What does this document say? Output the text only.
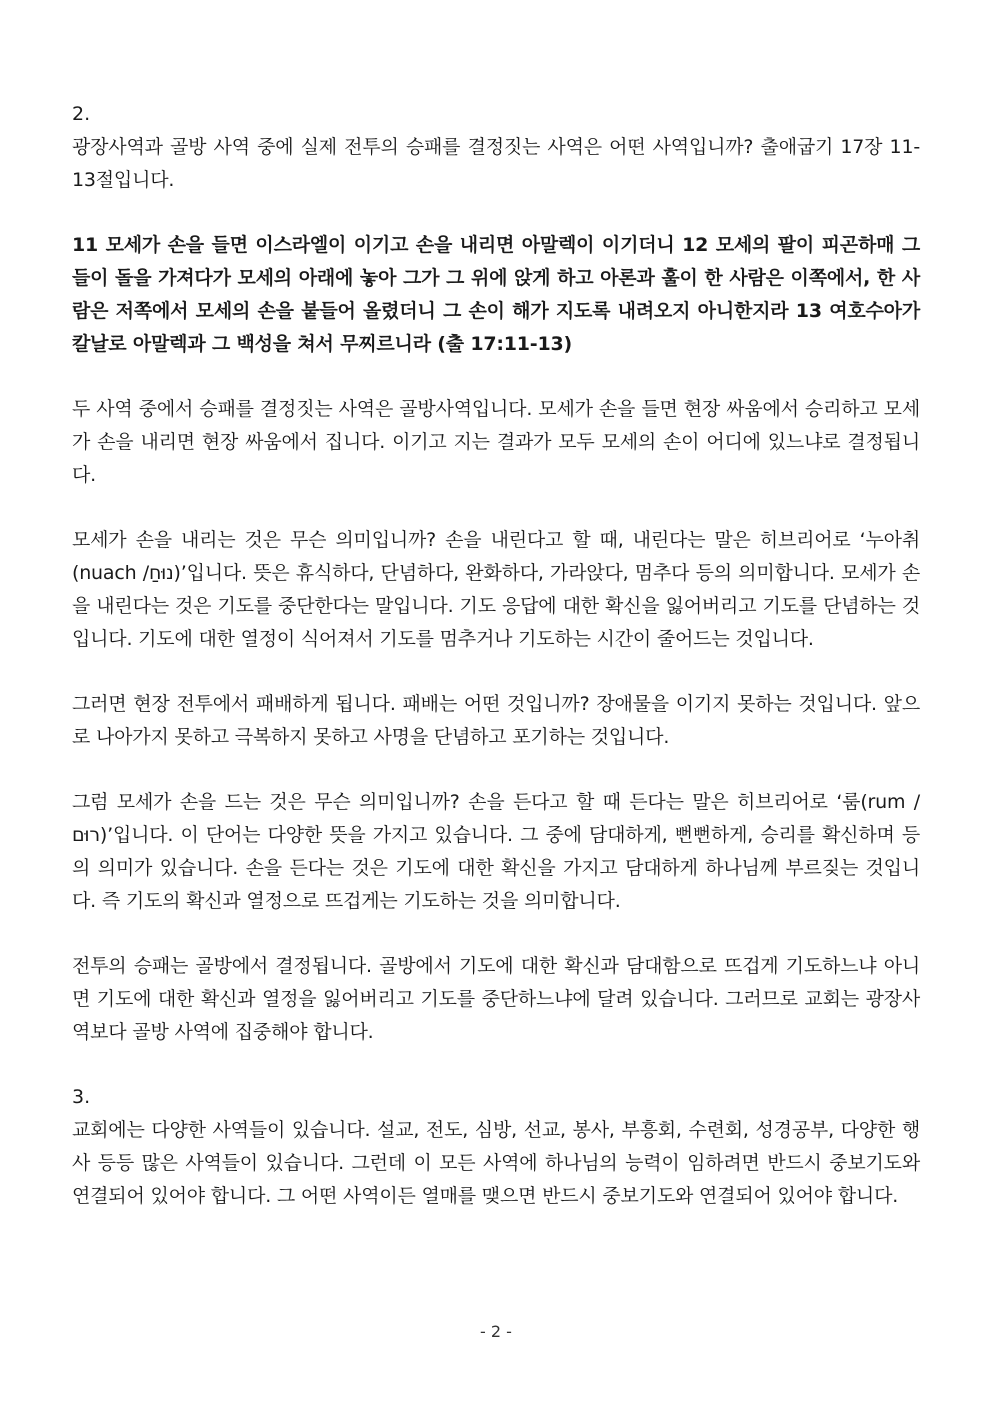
2.

광장사역과 골방 사역 중에 실제 전투의 승패를 결정짓는 사역은 어떤 사역입니까? 출애굽기 17장 11-13절입니다.

11 모세가 손을 들면 이스라엘이 이기고 손을 내리면 아말렉이 이기더니 12 모세의 팔이 피곤하매 그들이 돌을 가져다가 모세의 아래에 놓아 그가 그 위에 앉게 하고 아론과 훌이 한 사람은 이쪽에서, 한 사람은 저쪽에서 모세의 손을 붙들어 올렸더니 그 손이 해가 지도록 내려오지 아니한지라 13 여호수아가 칼날로 아말렉과 그 백성을 쳐서 무찌르니라 (출 17:11-13)

두 사역 중에서 승패를 결정짓는 사역은 골방사역입니다. 모세가 손을 들면 현장 싸움에서 승리하고 모세가 손을 내리면 현장 싸움에서 집니다. 이기고 지는 결과가 모두 모세의 손이 어디에 있느냐로 결정됩니다.

모세가 손을 내리는 것은 무슨 의미입니까? 손을 내린다고 할 때, 내린다는 말은 히브리어로 ‘누아취(nuach /נוּחַ)’입니다. 뜻은 휴식하다, 단념하다, 완화하다, 가라앉다, 멈추다 등의 의미합니다. 모세가 손을 내린다는 것은 기도를 중단한다는 말입니다. 기도 응답에 대한 확신을 잃어버리고 기도를 단념하는 것입니다. 기도에 대한 열정이 식어져서 기도를 멈추거나 기도하는 시간이 줄어드는 것입니다.

그러면 현장 전투에서 패배하게 됩니다. 패배는 어떤 것입니까? 장애물을 이기지 못하는 것입니다. 앞으로 나아가지 못하고 극복하지 못하고 사명을 단념하고 포기하는 것입니다.

그럼 모세가 손을 드는 것은 무슨 의미입니까? 손을 든다고 할 때 든다는 말은 히브리어로 ‘룸(rum / רוּם)’입니다. 이 단어는 다양한 뜻을 가지고 있습니다. 그 중에 담대하게, 뻔뻔하게, 승리를 확신하며 등의 의미가 있습니다. 손을 든다는 것은 기도에 대한 확신을 가지고 담대하게 하나님께 부르짖는 것입니다. 즉 기도의 확신과 열정으로 뜨겁게는 기도하는 것을 의미합니다.

전투의 승패는 골방에서 결정됩니다. 골방에서 기도에 대한 확신과 담대함으로 뜨겁게 기도하느냐 아니면 기도에 대한 확신과 열정을 잃어버리고 기도를 중단하느냐에 달려 있습니다. 그러므로 교회는 광장사역보다 골방 사역에 집중해야 합니다.

3.

교회에는 다양한 사역들이 있습니다. 설교, 전도, 심방, 선교, 봉사, 부흥회, 수련회, 성경공부, 다양한 행사 등등 많은 사역들이 있습니다. 그런데 이 모든 사역에 하나님의 능력이 임하려면 반드시 중보기도와 연결되어 있어야 합니다. 그 어떤 사역이든 열매를 맺으면 반드시 중보기도와 연결되어 있어야 합니다.

- 2 -
